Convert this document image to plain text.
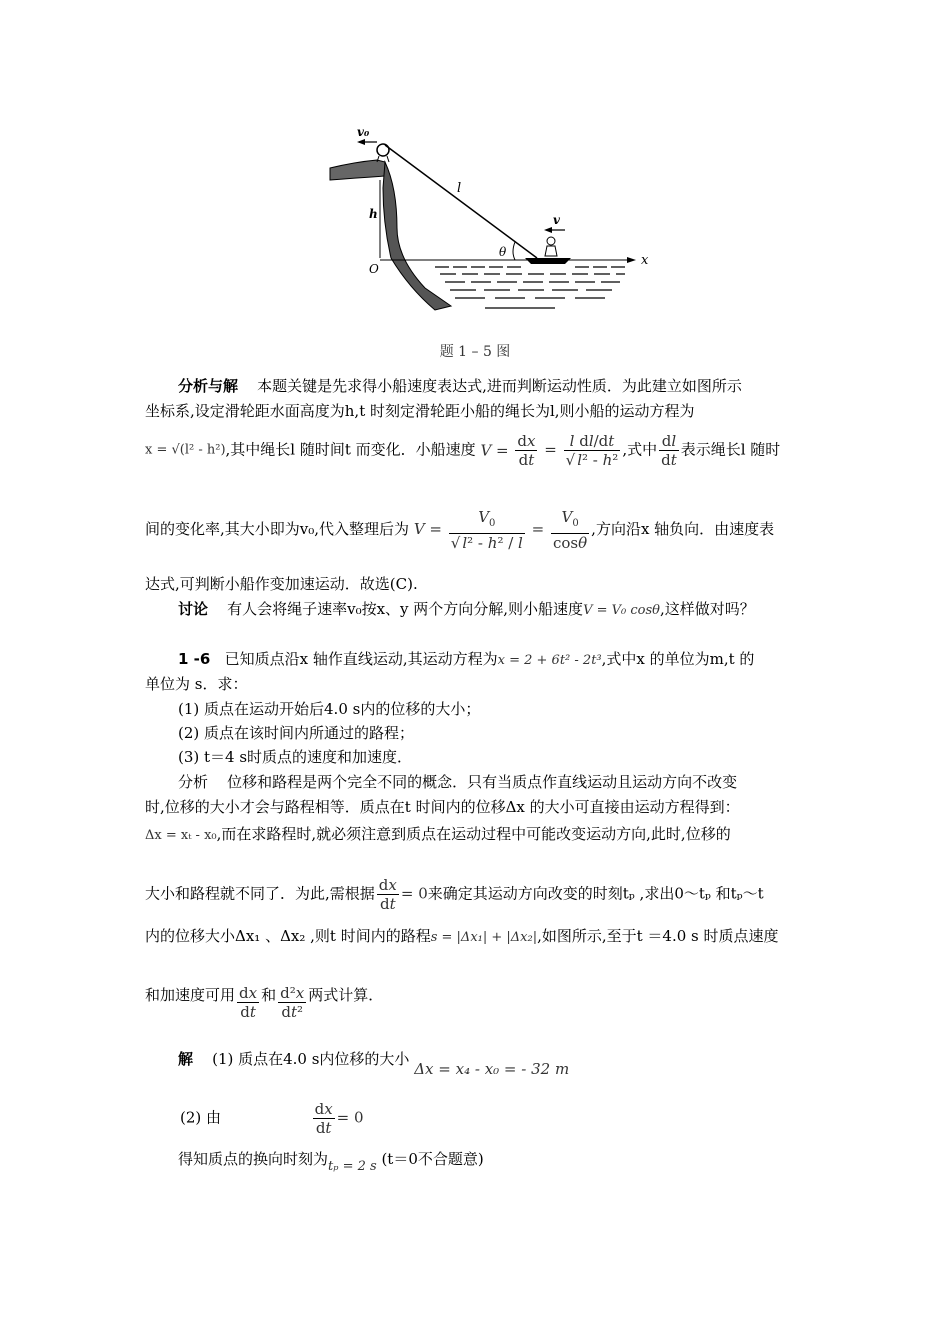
v₀
l
h
O
x
θ
v
题 1 – 5 图
分析与解 本题关键是先求得小船速度表达式,进而判断运动性质．为此建立如图所示
坐标系,设定滑轮距水面高度为h,t 时刻定滑轮距小船的绳长为l,则小船的运动方程为
x = √(l² - h²),其中绳长l 随时间t 而变化．小船速度 $V = \frac{dx}{dt} = \frac{\text{l dl/dt}}{\text{√ l² - h²}}$ ,式中 $\frac{dl}{dt}$ 表示绳长l 随时
间的变化率,其大小即为v₀,代入整理后为 $V = \frac{V_0}{\text{√ l² - h² / l}} = \frac{V_0}{\cos\theta}$ ,方向沿x 轴负向．由速度表
达式,可判断小船作变加速运动．故选(C).
讨论 有人会将绳子速率v₀按x、y 两个方向分解,则小船速度V = V₀ cosθ,这样做对吗？
1 -6 已知质点沿x 轴作直线运动,其运动方程为x = 2 + 6t² - 2t³,式中x 的单位为m,t 的
单位为 s．求：
(1) 质点在运动开始后4.0 s内的位移的大小；
(2) 质点在该时间内所通过的路程；
(3) t＝4 s时质点的速度和加速度．
分析 位移和路程是两个完全不同的概念．只有当质点作直线运动且运动方向不改变
时,位移的大小才会与路程相等．质点在t 时间内的位移Δx 的大小可直接由运动方程得到：
Δx = xₜ - x₀,而在求路程时,就必须注意到质点在运动过程中可能改变运动方向,此时,位移的
大小和路程就不同了．为此,需根据 $\frac{dx}{dt} = 0$来确定其运动方向改变的时刻tₚ ,求出0～tₚ 和tₚ～t
内的位移大小Δx₁ 、Δx₂ ,则t 时间内的路程s = |Δx₁| + |Δx₂|,如图所示,至于t ＝4.0 s 时质点速度
和加速度可用 $\frac{dx}{dt}$ 和 $\frac{\text{d²x}}{\text{dt²}}$ 两式计算．
解 (1) 质点在4.0 s内位移的大小 Δx = x₄ - x₀ = - 32 m
(2) 由	$\frac{dx}{dt} = 0$
得知质点的换向时刻为tₚ = 2 s (t＝0不合题意)
